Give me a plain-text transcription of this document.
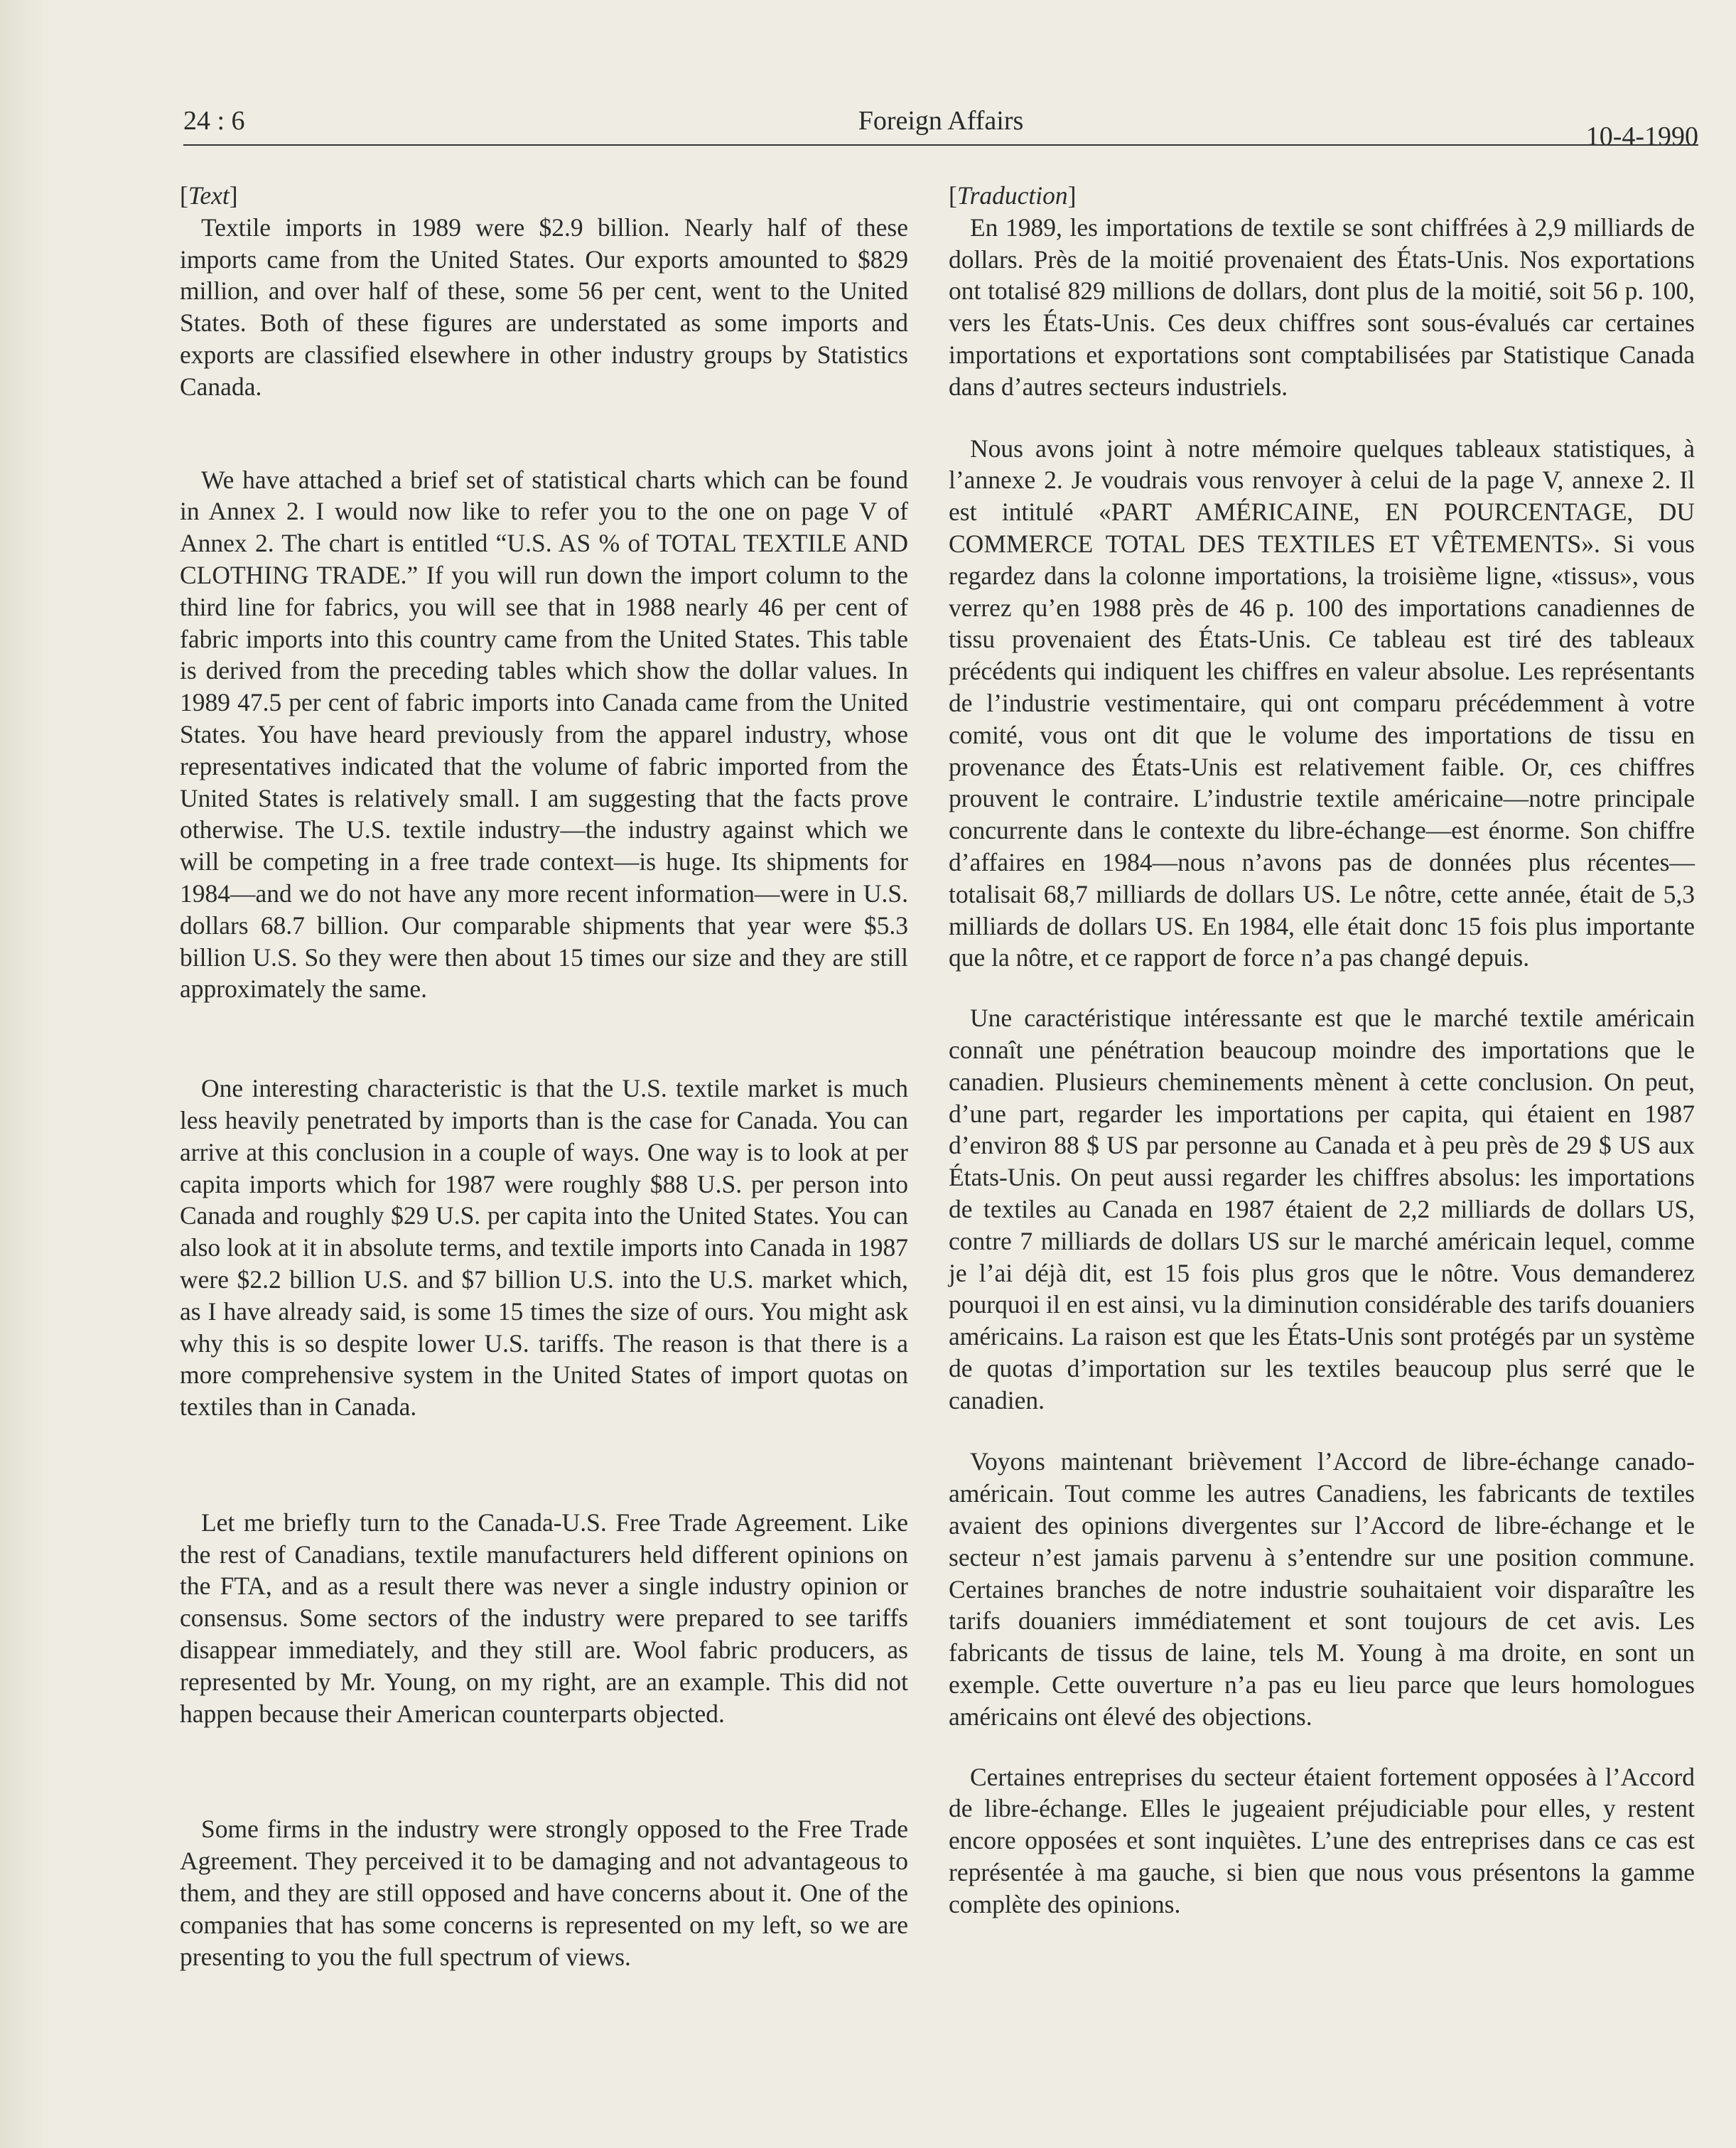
24 : 6	Foreign Affairs
10-4-1990
[Text]

Textile imports in 1989 were $2.9 billion. Nearly half of these imports came from the United States. Our exports amounted to $829 million, and over half of these, some 56 per cent, went to the United States. Both of these figures are understated as some imports and exports are classified elsewhere in other industry groups by Statistics Canada.

We have attached a brief set of statistical charts which can be found in Annex 2. I would now like to refer you to the one on page V of Annex 2. The chart is entitled “U.S. AS % of TOTAL TEXTILE AND CLOTHING TRADE.” If you will run down the import column to the third line for fabrics, you will see that in 1988 nearly 46 per cent of fabric imports into this country came from the United States. This table is derived from the preceding tables which show the dollar values. In 1989 47.5 per cent of fabric imports into Canada came from the United States. You have heard previously from the apparel industry, whose representatives indicated that the volume of fabric imported from the United States is relatively small. I am suggesting that the facts prove otherwise. The U.S. textile industry—the industry against which we will be competing in a free trade context—is huge. Its shipments for 1984—and we do not have any more recent information—were in U.S. dollars 68.7 billion. Our comparable shipments that year were $5.3 billion U.S. So they were then about 15 times our size and they are still approximately the same.

One interesting characteristic is that the U.S. textile market is much less heavily penetrated by imports than is the case for Canada. You can arrive at this conclusion in a couple of ways. One way is to look at per capita imports which for 1987 were roughly $88 U.S. per person into Canada and roughly $29 U.S. per capita into the United States. You can also look at it in absolute terms, and textile imports into Canada in 1987 were $2.2 billion U.S. and $7 billion U.S. into the U.S. market which, as I have already said, is some 15 times the size of ours. You might ask why this is so despite lower U.S. tariffs. The reason is that there is a more comprehensive system in the United States of import quotas on textiles than in Canada.

Let me briefly turn to the Canada-U.S. Free Trade Agreement. Like the rest of Canadians, textile manufacturers held different opinions on the FTA, and as a result there was never a single industry opinion or consensus. Some sectors of the industry were prepared to see tariffs disappear immediately, and they still are. Wool fabric producers, as represented by Mr. Young, on my right, are an example. This did not happen because their American counterparts objected.

Some firms in the industry were strongly opposed to the Free Trade Agreement. They perceived it to be damaging and not advantageous to them, and they are still opposed and have concerns about it. One of the companies that has some concerns is represented on my left, so we are presenting to you the full spectrum of views.

[Traduction]

En 1989, les importations de textile se sont chiffrées à 2,9 milliards de dollars. Près de la moitié provenaient des États-Unis. Nos exportations ont totalisé 829 millions de dollars, dont plus de la moitié, soit 56 p. 100, vers les États-Unis. Ces deux chiffres sont sous-évalués car certaines importations et exportations sont comptabilisées par Statistique Canada dans d’autres secteurs industriels.

Nous avons joint à notre mémoire quelques tableaux statistiques, à l’annexe 2. Je voudrais vous renvoyer à celui de la page V, annexe 2. Il est intitulé «PART AMÉRICAINE, EN POURCENTAGE, DU COMMERCE TOTAL DES TEXTILES ET VÊTEMENTS». Si vous regardez dans la colonne importations, la troisième ligne, «tissus», vous verrez qu’en 1988 près de 46 p. 100 des importations canadiennes de tissu provenaient des États-Unis. Ce tableau est tiré des tableaux précédents qui indiquent les chiffres en valeur absolue. Les représentants de l’industrie vestimentaire, qui ont comparu précédemment à votre comité, vous ont dit que le volume des importations de tissu en provenance des États-Unis est relativement faible. Or, ces chiffres prouvent le contraire. L’industrie textile américaine—notre principale concurrente dans le contexte du libre-échange—est énorme. Son chiffre d’affaires en 1984—nous n’avons pas de données plus récentes—totalisait 68,7 milliards de dollars US. Le nôtre, cette année, était de 5,3 milliards de dollars US. En 1984, elle était donc 15 fois plus importante que la nôtre, et ce rapport de force n’a pas changé depuis.

Une caractéristique intéressante est que le marché textile américain connaît une pénétration beaucoup moindre des importations que le canadien. Plusieurs cheminements mènent à cette conclusion. On peut, d’une part, regarder les importations per capita, qui étaient en 1987 d’environ 88 $ US par personne au Canada et à peu près de 29 $ US aux États-Unis. On peut aussi regarder les chiffres absolus: les importations de textiles au Canada en 1987 étaient de 2,2 milliards de dollars US, contre 7 milliards de dollars US sur le marché américain lequel, comme je l’ai déjà dit, est 15 fois plus gros que le nôtre. Vous demanderez pourquoi il en est ainsi, vu la diminution considérable des tarifs douaniers américains. La raison est que les États-Unis sont protégés par un système de quotas d’importation sur les textiles beaucoup plus serré que le canadien.

Voyons maintenant brièvement l’Accord de libre-échange canado-américain. Tout comme les autres Canadiens, les fabricants de textiles avaient des opinions divergentes sur l’Accord de libre-échange et le secteur n’est jamais parvenu à s’entendre sur une position commune. Certaines branches de notre industrie souhaitaient voir disparaître les tarifs douaniers immédiatement et sont toujours de cet avis. Les fabricants de tissus de laine, tels M. Young à ma droite, en sont un exemple. Cette ouverture n’a pas eu lieu parce que leurs homologues américains ont élevé des objections.

Certaines entreprises du secteur étaient fortement opposées à l’Accord de libre-échange. Elles le jugeaient préjudiciable pour elles, y restent encore opposées et sont inquiètes. L’une des entreprises dans ce cas est représentée à ma gauche, si bien que nous vous présentons la gamme complète des opinions.
